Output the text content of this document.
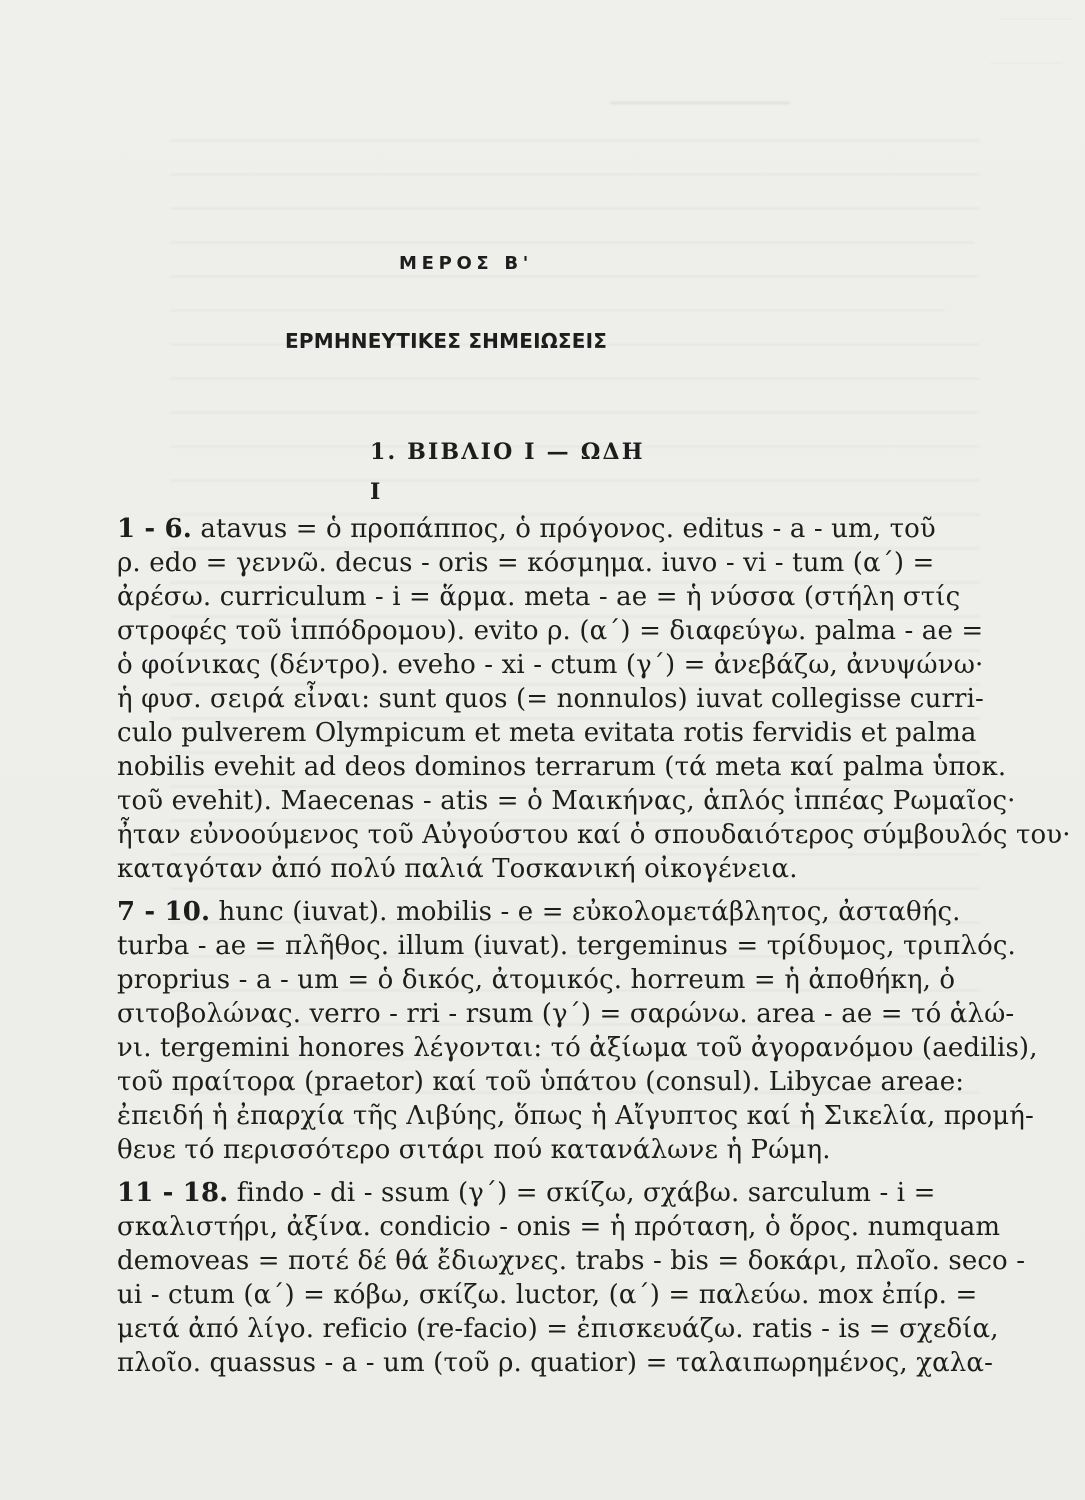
ΜΕΡΟΣ Β'
ΕΡΜΗΝΕΥΤΙΚΕΣ ΣΗΜΕΙΩΣΕΙΣ
1. ΒΙΒΛΙΟ Ι — ΩΔΗ Ι
1 - 6. atavus = ὁ προπάππος, ὁ πρόγονος. editus - a - um, τοῦ
ρ. edo = γεννῶ. decus - oris = κόσμημα. iuvo - vi - tum (α΄) =
ἀρέσω. curriculum - i = ἅρμα. meta - ae = ἡ νύσσα (στήλη στίς
στροφές τοῦ ἱππόδρομου). evito ρ. (α΄) = διαφεύγω. palma - ae =
ὁ φοίνικας (δέντρο). eveho - xi - ctum (γ΄) = ἀνεβάζω, ἀνυψώνω·
ἡ φυσ. σειρά εἶναι: sunt quos (= nonnulos) iuvat collegisse curri-
culo pulverem Olympicum et meta evitata rotis fervidis et palma
nobilis evehit ad deos dominos terrarum (τά meta καί palma ὑποκ.
τοῦ evehit). Maecenas - atis = ὁ Μαικήνας, ἁπλός ἱππέας Ρωμαῖος·
ἦταν εὐνοούμενος τοῦ Αὐγούστου καί ὁ σπουδαιότερος σύμβουλός του·
καταγόταν ἀπό πολύ παλιά Τοσκανική οἰκογένεια.
7 - 10. hunc (iuvat). mobilis - e = εὐκολομετάβλητος, ἀσταθής.
turba - ae = πλῆθος. illum (iuvat). tergeminus = τρίδυμος, τριπλός.
proprius - a - um = ὁ δικός, ἀτομικός. horreum = ἡ ἀποθήκη, ὁ
σιτοβολώνας. verro - rri - rsum (γ΄) = σαρώνω. area - ae = τό ἁλώ-
νι. tergemini honores λέγονται: τό ἀξίωμα τοῦ ἀγορανόμου (aedilis),
τοῦ πραίτορα (praetor) καί τοῦ ὑπάτου (consul). Libycae areae:
ἐπειδή ἡ ἐπαρχία τῆς Λιβύης, ὅπως ἡ Αἴγυπτος καί ἡ Σικελία, προμή-
θευε τό περισσότερο σιτάρι πού κατανάλωνε ἡ Ρώμη.
11 - 18. findo - di - ssum (γ΄) = σκίζω, σχάβω. sarculum - i =
σκαλιστήρι, ἀξίνα. condicio - onis = ἡ πρόταση, ὁ ὅρος. numquam
demoveas = ποτέ δέ θά ἔδιωχνες. trabs - bis = δοκάρι, πλοῖο. seco -
ui - ctum (α΄) = κόβω, σκίζω. luctor, (α΄) = παλεύω. mox ἐπίρ. =
μετά ἀπό λίγο. reficio (re-facio) = ἐπισκευάζω. ratis - is = σχεδία,
πλοῖο. quassus - a - um (τοῦ ρ. quatior) = ταλαιπωρημένος, χαλα-
